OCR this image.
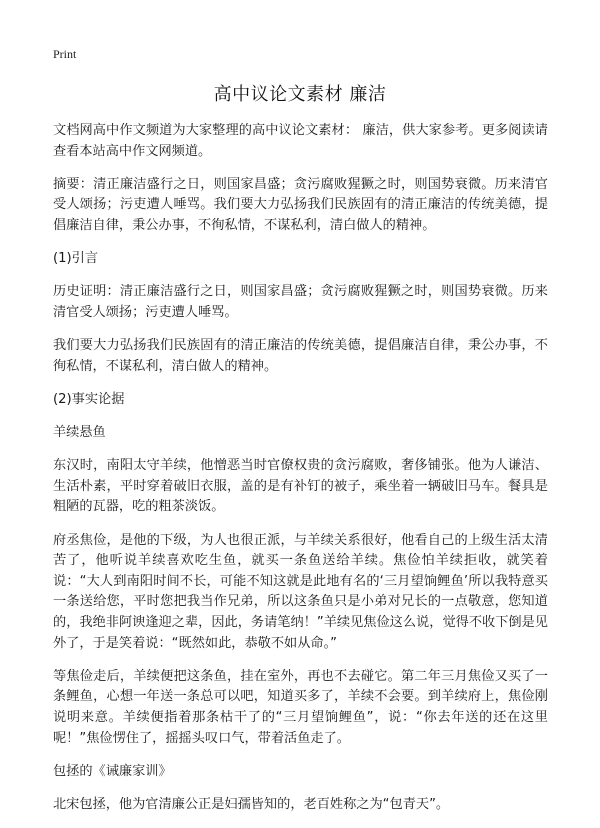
Print
高中议论文素材 廉洁

文档网高中作文频道为大家整理的高中议论文素材： 廉洁，供大家参考。更多阅读请查看本站高中作文网频道。

摘要：清正廉洁盛行之日，则国家昌盛；贪污腐败猩獗之时，则国势衰微。历来清官受人颂扬；污吏遭人唾骂。我们要大力弘扬我们民族固有的清正廉洁的传统美德，提倡廉洁自律，秉公办事，不徇私情，不谋私利，清白做人的精神。

(1)引言

历史证明：清正廉洁盛行之日，则国家昌盛；贪污腐败猩獗之时，则国势衰微。历来清官受人颂扬；污吏遭人唾骂。

我们要大力弘扬我们民族固有的清正廉洁的传统美德，提倡廉洁自律，秉公办事，不徇私情，不谋私利，清白做人的精神。

(2)事实论据

羊续悬鱼

东汉时，南阳太守羊续，他憎恶当时官僚权贵的贪污腐败，奢侈铺张。他为人谦洁、生活朴素，平时穿着破旧衣服，盖的是有补钉的被子，乘坐着一辆破旧马车。餐具是粗陋的瓦器，吃的粗茶淡饭。

府丞焦俭，是他的下级，为人也很正派，与羊续关系很好，他看自己的上级生活太清苦了，他听说羊续喜欢吃生鱼，就买一条鱼送给羊续。焦俭怕羊续拒收，就笑着说：“大人到南阳时间不长，可能不知这就是此地有名的‘三月望饷鲤鱼’所以我特意买一条送给您，平时您把我当作兄弟，所以这条鱼只是小弟对兄长的一点敬意，您知道的，我绝非阿谀逢迎之辈，因此，务请笔纳！”羊续见焦俭这么说，觉得不收下倒是见外了，于是笑着说：“既然如此，恭敬不如从命。”

等焦俭走后，羊续便把这条鱼，挂在室外，再也不去碰它。第二年三月焦俭又买了一条鲤鱼，心想一年送一条总可以吧，知道买多了，羊续不会要。到羊续府上，焦俭刚说明来意。羊续便指着那条枯干了的“三月望饷鲤鱼”，说：“你去年送的还在这里呢！”焦俭愣住了，摇摇头叹口气，带着活鱼走了。

包拯的《诫廉家训》

北宋包拯，他为官清廉公正是妇孺皆知的，老百姓称之为“包青天”。
